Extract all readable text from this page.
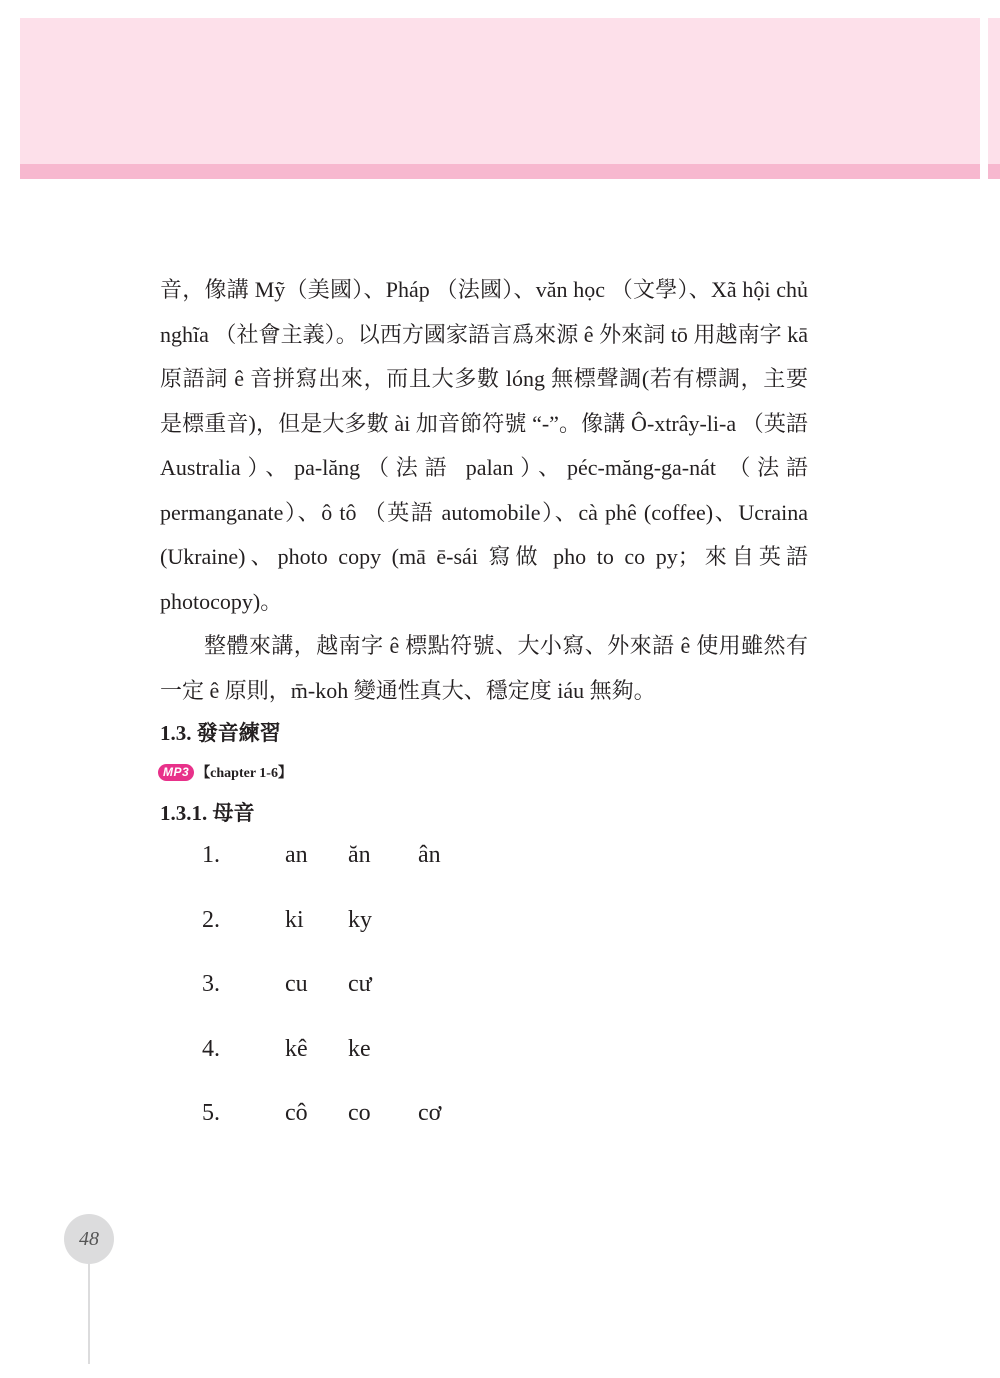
音，像講 Mỹ（美國）、Pháp （法國）、văn học （文學）、Xã hội chủ nghĩa （社會主義）。以西方國家語言爲來源 ê 外來詞 tō 用越南字 kā 原語詞 ê 音拼寫出來，而且大多數 lóng 無標聲調(若有標調，主要是標重音)，但是大多數 ài 加音節符號 “-”。像講 Ô-xtrây-li-a （英語 Australia）、pa-lăng（法語 palan）、péc-măng-ga-nát （法語 permanganate）、ô tô （英語 automobile）、cà phê (coffee)、Ucraina (Ukraine)、photo copy (mā ē-sái 寫做 pho to co py；來自英語 photocopy)。

整體來講，越南字 ê 標點符號、大小寫、外來語 ê 使用雖然有一定 ê 原則，m̄-koh 變通性真大、穩定度 iáu 無夠。

1.3. 發音練習
MP3 【chapter 1-6】
1.3.1. 母音
1.	an	ăn	ân
2.	ki	ky
3.	cu	cư
4.	kê	ke
5.	cô	co	cơ
48
